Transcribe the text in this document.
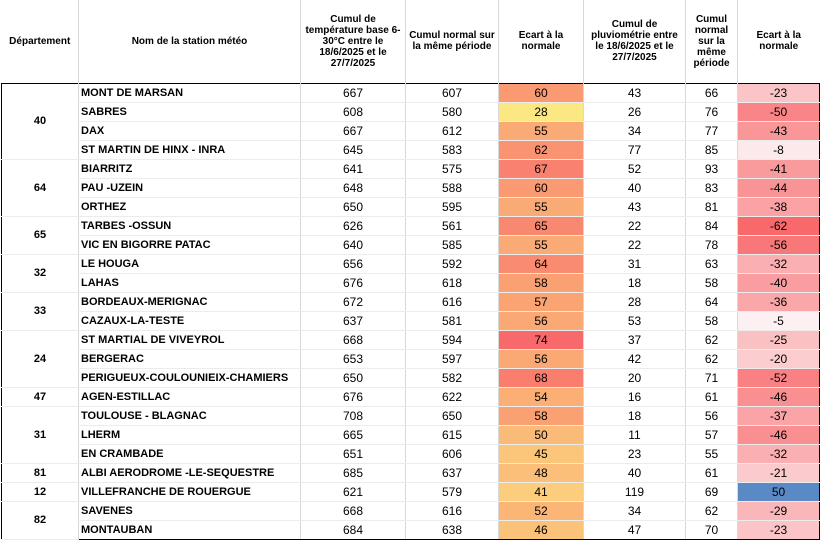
Département	Nom de la station météo	Cumul de température base 6-30°C entre le 18/6/2025 et le 27/7/2025	Cumul normal sur la même période	Ecart à la normale	Cumul de pluviométrie entre le 18/6/2025 et le 27/7/2025	Cumul normal sur la même période	Ecart à la normale
40	MONT DE MARSAN	667	607	60	43	66	-23
	SABRES	608	580	28	26	76	-50
	DAX	667	612	55	34	77	-43
	ST MARTIN DE HINX - INRA	645	583	62	77	85	-8
64	BIARRITZ	641	575	67	52	93	-41
	PAU -UZEIN	648	588	60	40	83	-44
	ORTHEZ	650	595	55	43	81	-38
65	TARBES -OSSUN	626	561	65	22	84	-62
	VIC EN BIGORRE PATAC	640	585	55	22	78	-56
32	LE HOUGA	656	592	64	31	63	-32
	LAHAS	676	618	58	18	58	-40
33	BORDEAUX-MERIGNAC	672	616	57	28	64	-36
	CAZAUX-LA-TESTE	637	581	56	53	58	-5
24	ST MARTIAL DE VIVEYROL	668	594	74	37	62	-25
	BERGERAC	653	597	56	42	62	-20
	PERIGUEUX-COULOUNIEIX-CHAMIERS	650	582	68	20	71	-52
47	AGEN-ESTILLAC	676	622	54	16	61	-46
31	TOULOUSE - BLAGNAC	708	650	58	18	56	-37
	LHERM	665	615	50	11	57	-46
	EN CRAMBADE	651	606	45	23	55	-32
81	ALBI AERODROME -LE-SEQUESTRE	685	637	48	40	61	-21
12	VILLEFRANCHE DE ROUERGUE	621	579	41	119	69	50
82	SAVENES	668	616	52	34	62	-29
	MONTAUBAN	684	638	46	47	70	-23
